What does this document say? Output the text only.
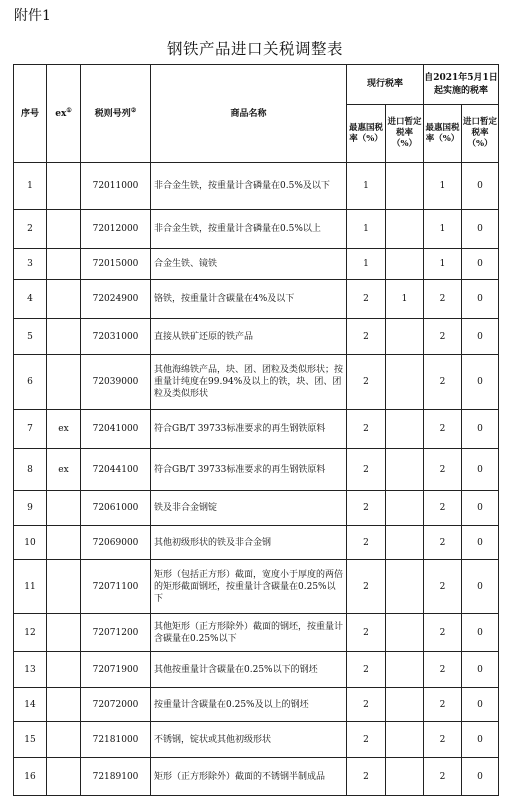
附件1
钢铁产品进口关税调整表
序号	ex①	税则号列②	商品名称	现行税率		自2021年5月1日起实施的税率	
				最惠国税率（%）	进口暂定税率（%）	最惠国税率（%）	进口暂定税率（%）
1		72011000	非合金生铁，按重量计含磷量在0.5%及以下	1		1	0
2		72012000	非合金生铁，按重量计含磷量在0.5%以上	1		1	0
3		72015000	合金生铁、镜铁	1		1	0
4		72024900	铬铁，按重量计含碳量在4%及以下	2	1	2	0
5		72031000	直接从铁矿还原的铁产品	2		2	0
6		72039000	其他海绵铁产品，块、团、团粒及类似形状；按重量计纯度在99.94%及以上的铁，块、团、团粒及类似形状	2		2	0
7	ex	72041000	符合GB/T 39733标准要求的再生钢铁原料	2		2	0
8	ex	72044100	符合GB/T 39733标准要求的再生钢铁原料	2		2	0
9		72061000	铁及非合金钢锭	2		2	0
10		72069000	其他初级形状的铁及非合金钢	2		2	0
11		72071100	矩形（包括正方形）截面，宽度小于厚度的两倍的矩形截面钢坯，按重量计含碳量在0.25%以下	2		2	0
12		72071200	其他矩形（正方形除外）截面的钢坯，按重量计含碳量在0.25%以下	2		2	0
13		72071900	其他按重量计含碳量在0.25%以下的钢坯	2		2	0
14		72072000	按重量计含碳量在0.25%及以上的钢坯	2		2	0
15		72181000	不锈钢，锭状或其他初级形状	2		2	0
16		72189100	矩形（正方形除外）截面的不锈钢半制成品	2		2	0
